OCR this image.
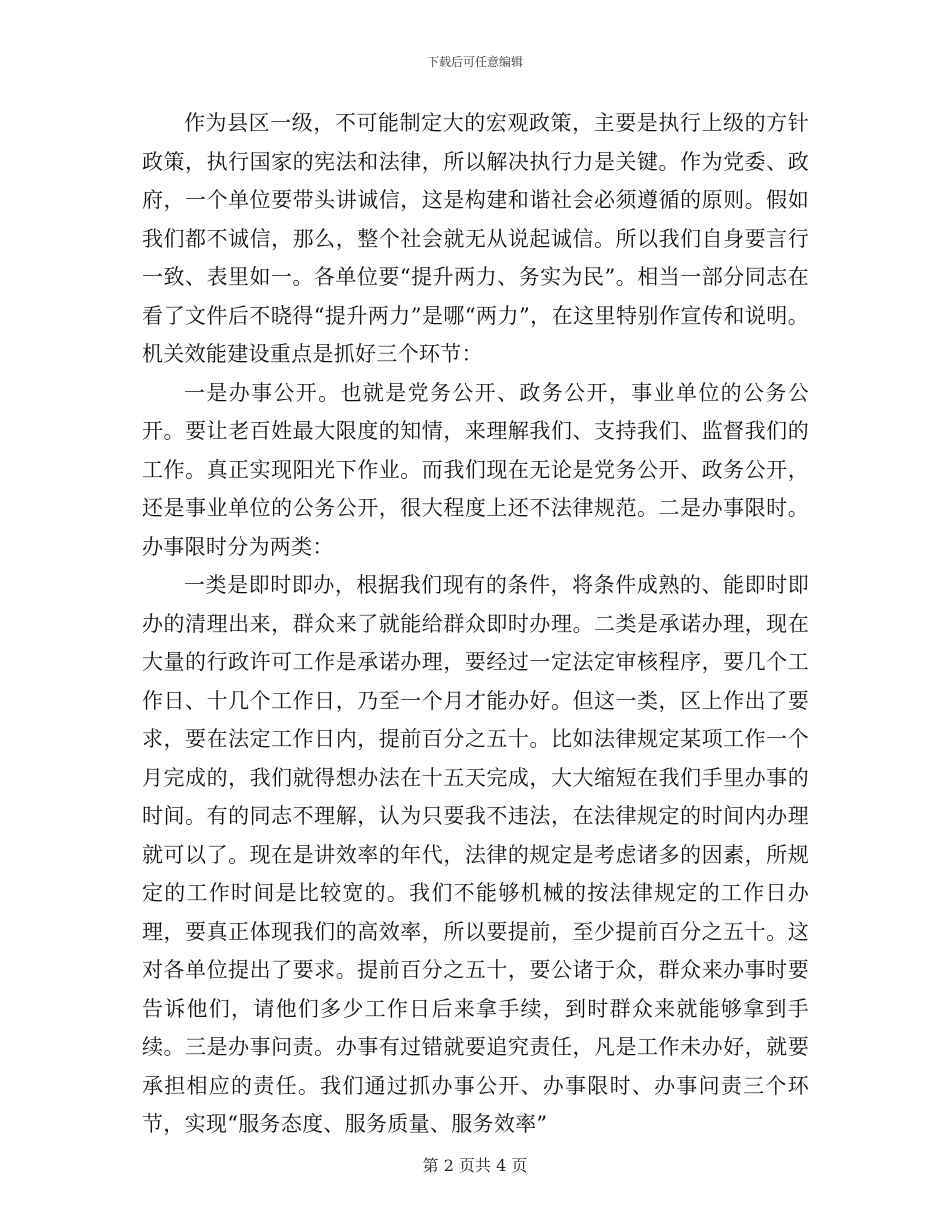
下载后可任意编辑

作为县区一级，不可能制定大的宏观政策，主要是执行上级的方针政策，执行国家的宪法和法律，所以解决执行力是关键。作为党委、政府，一个单位要带头讲诚信，这是构建和谐社会必须遵循的原则。假如我们都不诚信，那么，整个社会就无从说起诚信。所以我们自身要言行一致、表里如一。各单位要“提升两力、务实为民”。相当一部分同志在看了文件后不晓得“提升两力”是哪“两力”，在这里特别作宣传和说明。机关效能建设重点是抓好三个环节：

一是办事公开。也就是党务公开、政务公开，事业单位的公务公开。要让老百姓最大限度的知情，来理解我们、支持我们、监督我们的工作。真正实现阳光下作业。而我们现在无论是党务公开、政务公开，还是事业单位的公务公开，很大程度上还不法律规范。二是办事限时。办事限时分为两类：

一类是即时即办，根据我们现有的条件，将条件成熟的、能即时即办的清理出来，群众来了就能给群众即时办理。二类是承诺办理，现在大量的行政许可工作是承诺办理，要经过一定法定审核程序，要几个工作日、十几个工作日，乃至一个月才能办好。但这一类，区上作出了要求，要在法定工作日内，提前百分之五十。比如法律规定某项工作一个月完成的，我们就得想办法在十五天完成，大大缩短在我们手里办事的时间。有的同志不理解，认为只要我不违法，在法律规定的时间内办理就可以了。现在是讲效率的年代，法律的规定是考虑诸多的因素，所规定的工作时间是比较宽的。我们不能够机械的按法律规定的工作日办理，要真正体现我们的高效率，所以要提前，至少提前百分之五十。这对各单位提出了要求。提前百分之五十，要公诸于众，群众来办事时要告诉他们，请他们多少工作日后来拿手续，到时群众来就能够拿到手续。三是办事问责。办事有过错就要追究责任，凡是工作未办好，就要承担相应的责任。我们通过抓办事公开、办事限时、办事问责三个环节，实现“服务态度、服务质量、服务效率”

第 2 页共 4 页
